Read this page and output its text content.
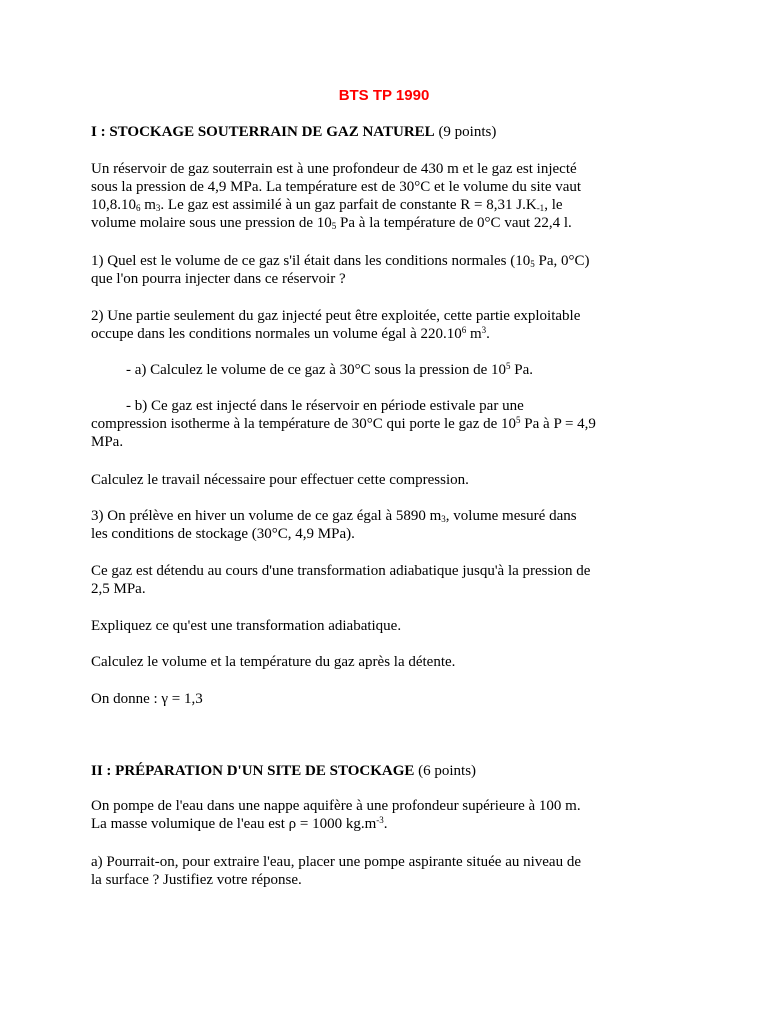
BTS TP 1990
I : STOCKAGE SOUTERRAIN DE GAZ NATUREL (9 points)
Un réservoir de gaz souterrain est à une profondeur de 430 m et le gaz est injecté
sous la pression de 4,9 MPa. La température est de 30°C et le volume du site vaut
$10,8.10_6$ $m_3$. Le gaz est assimilé à un gaz parfait de constante R = 8,31 $J.K_{-1}$, le
volume molaire sous une pression de $10_5$ Pa à la température de 0°C vaut 22,4 l.
1) Quel est le volume de ce gaz s'il était dans les conditions normales ($10_5$ Pa, 0°C)
que l'on pourra injecter dans ce réservoir ?
2) Une partie seulement du gaz injecté peut être exploitée, cette partie exploitable
occupe dans les conditions normales un volume égal à 220.10$^6$ $m^3$.
- a) Calculez le volume de ce gaz à 30°C sous la pression de $10^5$ Pa.
- b) Ce gaz est injecté dans le réservoir en période estivale par une
compression isotherme à la température de 30°C qui porte le gaz de $10^5$ Pa à P = 4,9
MPa.
Calculez le travail nécessaire pour effectuer cette compression.
3) On prélève en hiver un volume de ce gaz égal à 5890 $m_3$, volume mesuré dans
les conditions de stockage (30°C, 4,9 MPa).
Ce gaz est détendu au cours d'une transformation adiabatique jusqu'à la pression de
2,5 MPa.
Expliquez ce qu'est une transformation adiabatique.
Calculez le volume et la température du gaz après la détente.
On donne : γ = 1,3
II : PRÉPARATION D'UN SITE DE STOCKAGE (6 points)
On pompe de l'eau dans une nappe aquifère à une profondeur supérieure à 100 m.
La masse volumique de l'eau est ρ = 1000 $kg.m^{-3}$.
a) Pourrait-on, pour extraire l'eau, placer une pompe aspirante située au niveau de
la surface ? Justifiez votre réponse.
